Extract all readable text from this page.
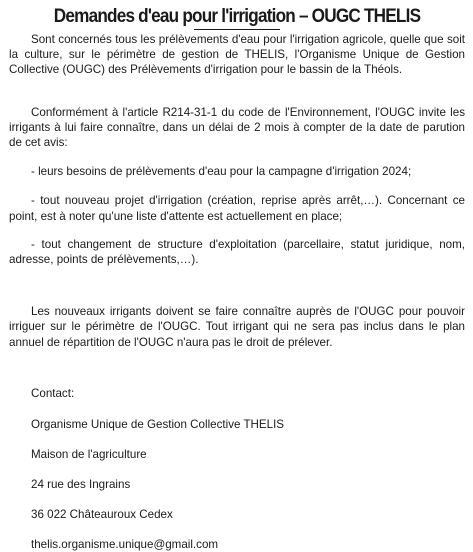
Demandes d'eau pour l'irrigation – OUGC THELIS

Sont concernés tous les prélèvements d'eau pour l'irrigation agricole, quelle que soit la culture, sur le périmètre de gestion de THELIS, l'Organisme Unique de Gestion Collective (OUGC) des Prélèvements d'irrigation pour le bassin de la Théols.

Conformément à l'article R214-31-1 du code de l'Environnement, l'OUGC invite les irrigants à lui faire connaître, dans un délai de 2 mois à compter de la date de parution de cet avis:

- leurs besoins de prélèvements d'eau pour la campagne d'irrigation 2024;

- tout nouveau projet d'irrigation (création, reprise après arrêt,…). Concernant ce point, est à noter qu'une liste d'attente est actuellement en place;

- tout changement de structure d'exploitation (parcellaire, statut juridique, nom, adresse, points de prélèvements,…).

Les nouveaux irrigants doivent se faire connaître auprès de l'OUGC pour pouvoir irriguer sur le périmètre de l'OUGC. Tout irrigant qui ne sera pas inclus dans le plan annuel de répartition de l'OUGC n'aura pas le droit de prélever.

Contact:

Organisme Unique de Gestion Collective THELIS

Maison de l'agriculture

24 rue des Ingrains

36 022 Châteauroux Cedex

thelis.organisme.unique@gmail.com
